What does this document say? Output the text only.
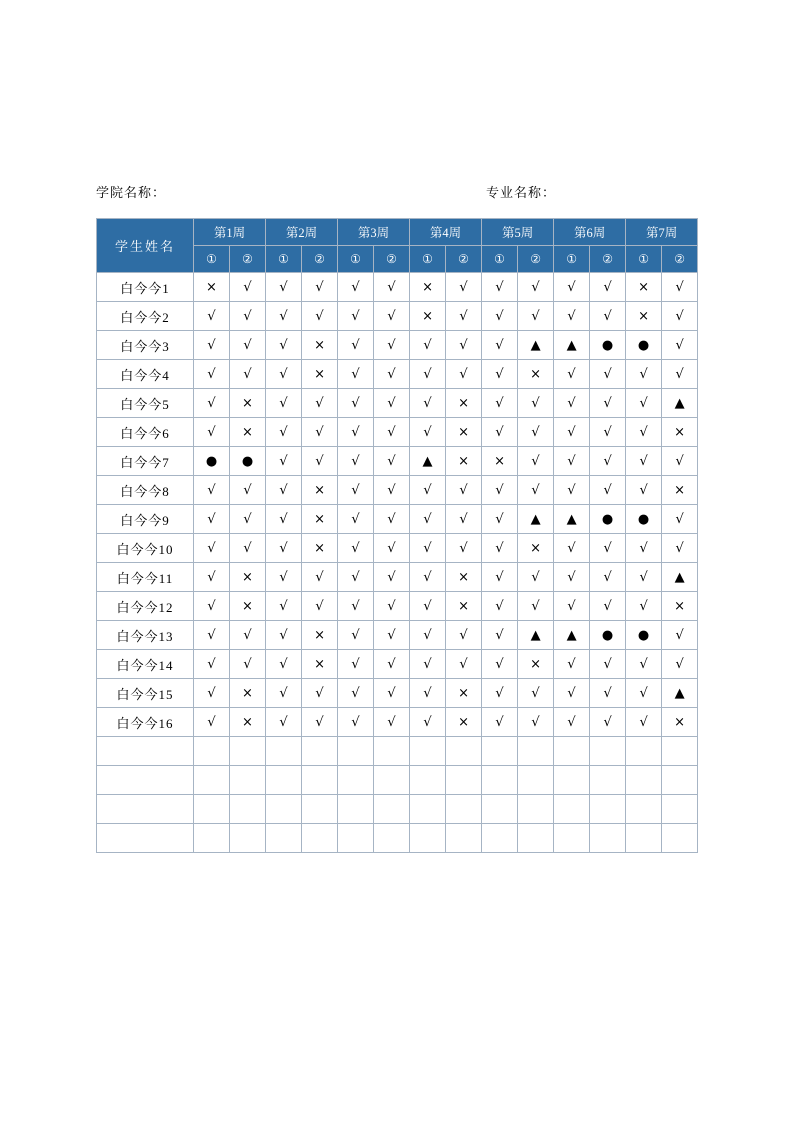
学院名称：	专业名称：
学生姓名	第1周		第2周		第3周		第4周		第5周		第6周		第7周	
	①	②	①	②	①	②	①	②	①	②	①	②	①	②
白今今1	×	√	√	√	√	√	×	√	√	√	√	√	×	√
白今今2	√	√	√	√	√	√	×	√	√	√	√	√	×	√
白今今3	√	√	√	×	√	√	√	√	√	▲	▲	●	●	√
白今今4	√	√	√	×	√	√	√	√	√	×	√	√	√	√
白今今5	√	×	√	√	√	√	√	×	√	√	√	√	√	▲
白今今6	√	×	√	√	√	√	√	×	√	√	√	√	√	×
白今今7	●	●	√	√	√	√	▲	×	×	√	√	√	√	√
白今今8	√	√	√	×	√	√	√	√	√	√	√	√	√	×
白今今9	√	√	√	×	√	√	√	√	√	▲	▲	●	●	√
白今今10	√	√	√	×	√	√	√	√	√	×	√	√	√	√
白今今11	√	×	√	√	√	√	√	×	√	√	√	√	√	▲
白今今12	√	×	√	√	√	√	√	×	√	√	√	√	√	×
白今今13	√	√	√	×	√	√	√	√	√	▲	▲	●	●	√
白今今14	√	√	√	×	√	√	√	√	√	×	√	√	√	√
白今今15	√	×	√	√	√	√	√	×	√	√	√	√	√	▲
白今今16	√	×	√	√	√	√	√	×	√	√	√	√	√	×
